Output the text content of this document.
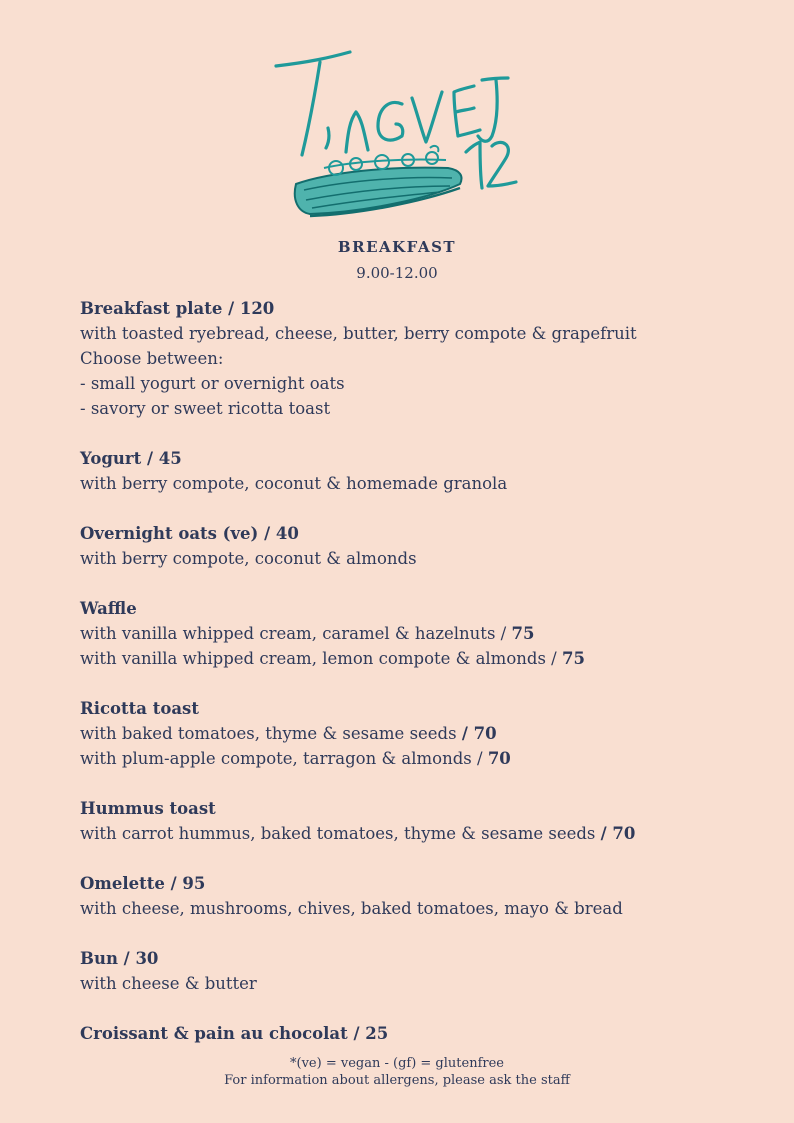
BREAKFAST
9.00-12.00
Breakfast plate / 120
with toasted ryebread, cheese, butter, berry compote & grapefruit
Choose between:
- small yogurt or overnight oats
- savory or sweet ricotta toast
Yogurt / 45
with berry compote, coconut & homemade granola
Overnight oats (ve) / 40
with berry compote, coconut & almonds
Waffle
with vanilla whipped cream, caramel & hazelnuts / 75
with vanilla whipped cream, lemon compote & almonds / 75
Ricotta toast
with baked tomatoes, thyme & sesame seeds / 70
with plum-apple compote, tarragon & almonds / 70
Hummus toast
with carrot hummus, baked tomatoes, thyme & sesame seeds / 70
Omelette / 95
with cheese, mushrooms, chives, baked tomatoes, mayo & bread
Bun / 30
with cheese & butter
Croissant & pain au chocolat / 25
*(ve) = vegan - (gf) = glutenfree
For information about allergens, please ask the staff
